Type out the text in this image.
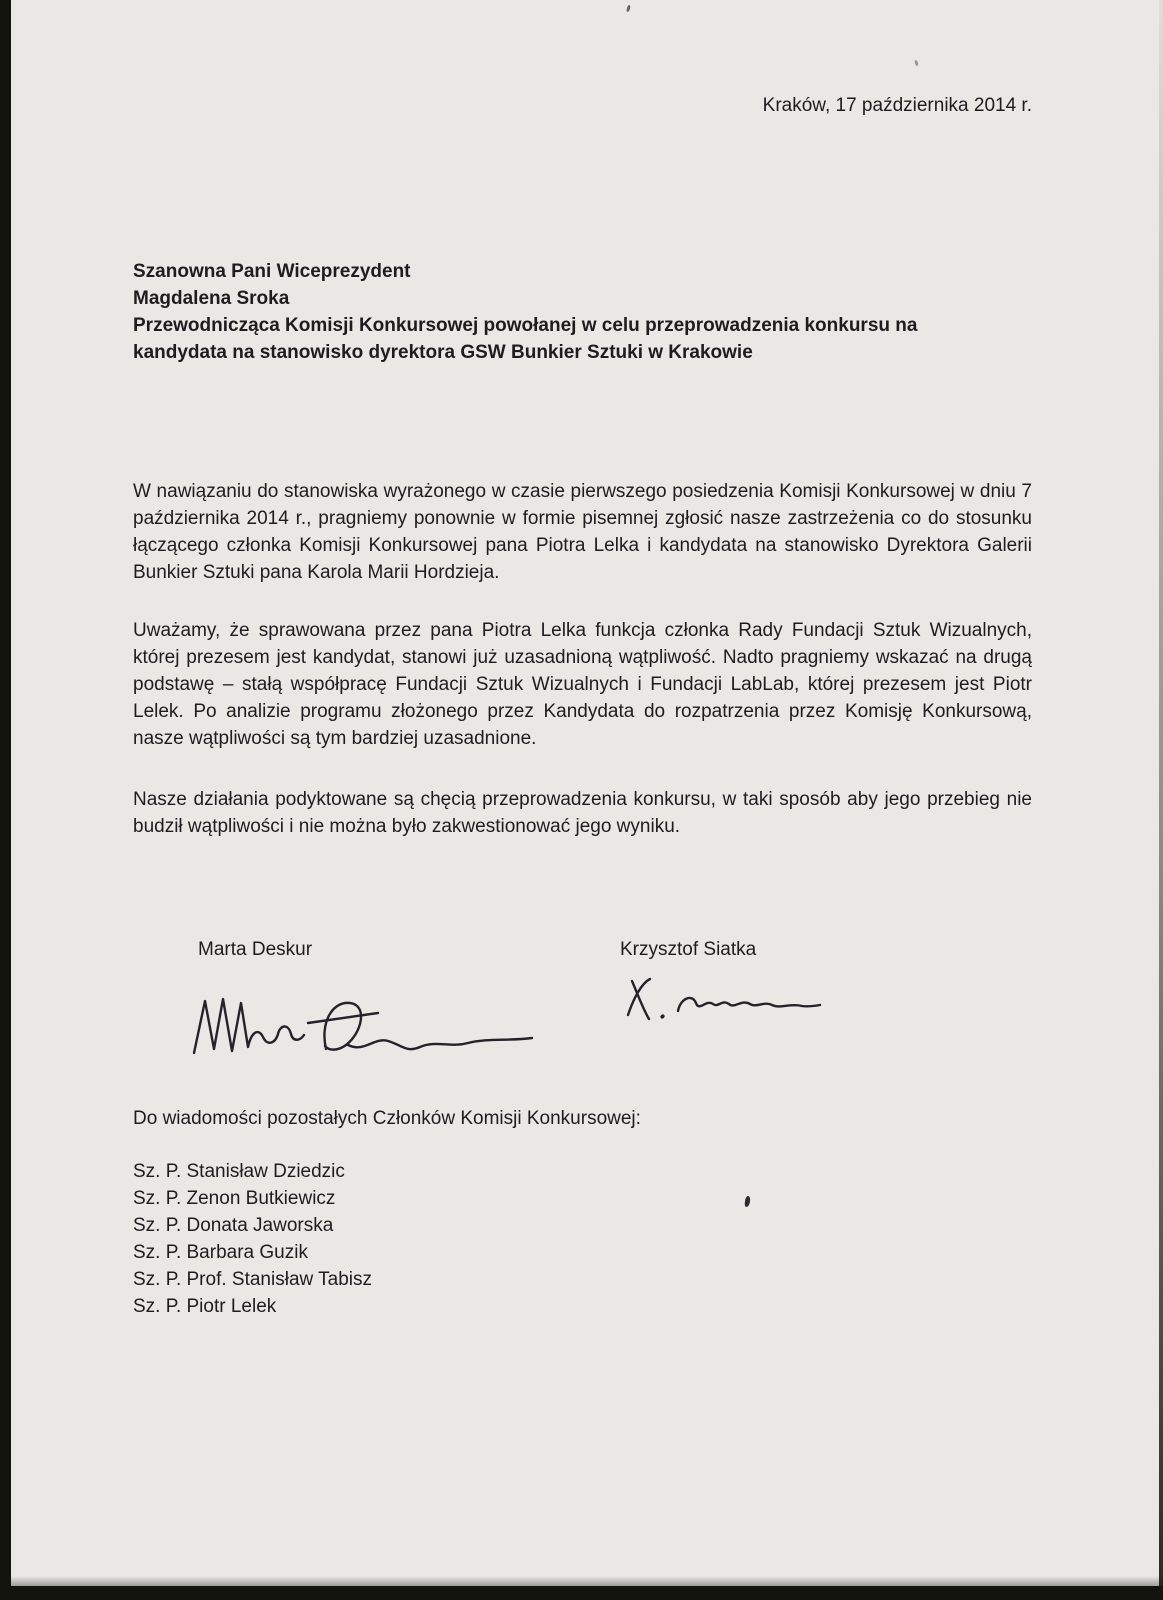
Kraków, 17 października 2014 r.
Szanowna Pani Wiceprezydent
Magdalena Sroka
Przewodnicząca Komisji Konkursowej powołanej w celu przeprowadzenia konkursu na
kandydata na stanowisko dyrektora GSW Bunkier Sztuki w Krakowie

W nawiązaniu do stanowiska wyrażonego w czasie pierwszego posiedzenia Komisji Konkursowej w dniu 7 października 2014 r., pragniemy ponownie w formie pisemnej zgłosić nasze zastrzeżenia co do stosunku łączącego członka Komisji Konkursowej pana Piotra Lelka i kandydata na stanowisko Dyrektora Galerii Bunkier Sztuki pana Karola Marii Hordzieja.

Uważamy, że sprawowana przez pana Piotra Lelka funkcja członka Rady Fundacji Sztuk Wizualnych, której prezesem jest kandydat, stanowi już uzasadnioną wątpliwość. Nadto pragniemy wskazać na drugą podstawę – stałą współpracę Fundacji Sztuk Wizualnych i Fundacji LabLab, której prezesem jest Piotr Lelek. Po analizie programu złożonego przez Kandydata do rozpatrzenia przez Komisję Konkursową, nasze wątpliwości są tym bardziej uzasadnione.

Nasze działania podyktowane są chęcią przeprowadzenia konkursu, w taki sposób aby jego przebieg nie budził wątpliwości i nie można było zakwestionować jego wyniku.

Marta Deskur	Krzysztof Siatka
Do wiadomości pozostałych Członków Komisji Konkursowej:
Sz. P. Stanisław Dziedzic
Sz. P. Zenon Butkiewicz
Sz. P. Donata Jaworska
Sz. P. Barbara Guzik
Sz. P. Prof. Stanisław Tabisz
Sz. P. Piotr Lelek
